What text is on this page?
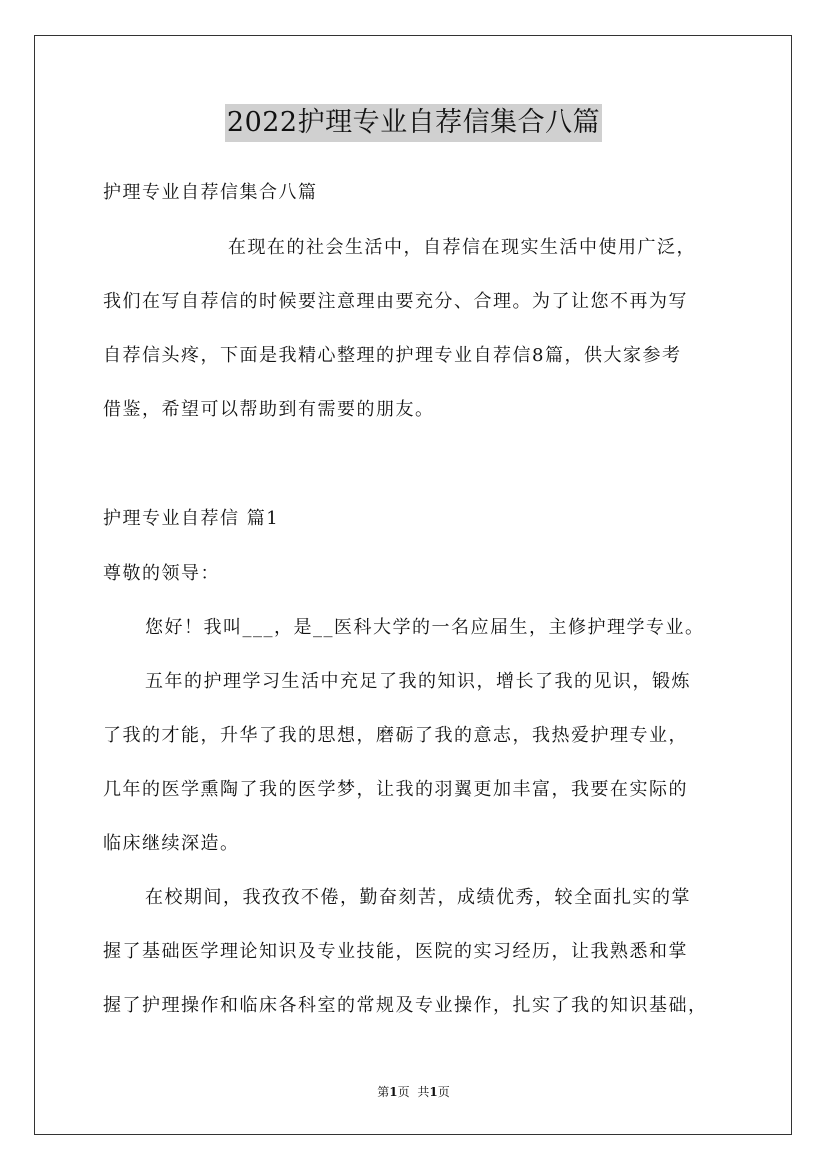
2022护理专业自荐信集合八篇
护理专业自荐信集合八篇
在现在的社会生活中，自荐信在现实生活中使用广泛，
我们在写自荐信的时候要注意理由要充分、合理。为了让您不再为写
自荐信头疼，下面是我精心整理的护理专业自荐信8篇，供大家参考
借鉴，希望可以帮助到有需要的朋友。
护理专业自荐信 篇1
尊敬的领导：
您好！我叫___，是__医科大学的一名应届生，主修护理学专业。
五年的护理学习生活中充足了我的知识，增长了我的见识，锻炼
了我的才能，升华了我的思想，磨砺了我的意志，我热爱护理专业，
几年的医学熏陶了我的医学梦，让我的羽翼更加丰富，我要在实际的
临床继续深造。
在校期间，我孜孜不倦，勤奋刻苦，成绩优秀，较全面扎实的掌
握了基础医学理论知识及专业技能，医院的实习经历，让我熟悉和掌
握了护理操作和临床各科室的常规及专业操作，扎实了我的知识基础，
第1页 共1页
